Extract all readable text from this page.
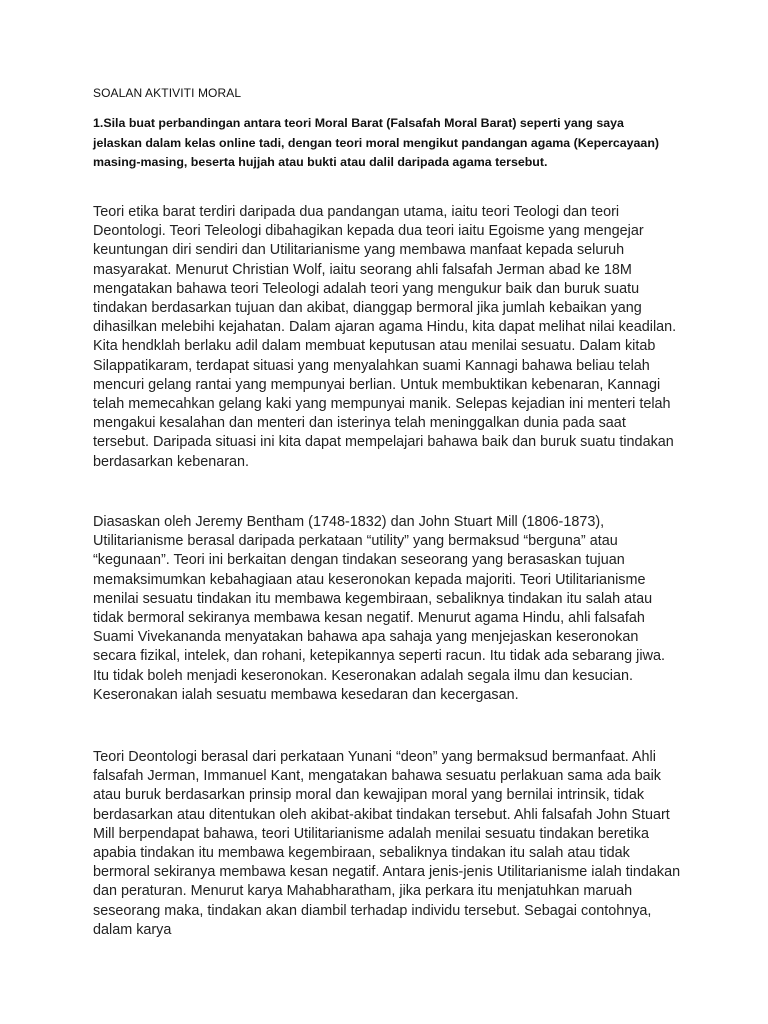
SOALAN AKTIVITI MORAL

1.Sila buat perbandingan antara teori Moral Barat (Falsafah Moral Barat) seperti yang saya jelaskan dalam kelas online tadi, dengan teori moral mengikut pandangan agama (Kepercayaan) masing-masing, beserta hujjah atau bukti atau dalil daripada agama tersebut.

Teori etika barat terdiri daripada dua pandangan utama, iaitu teori Teologi dan teori Deontologi. Teori Teleologi dibahagikan kepada dua teori iaitu Egoisme yang mengejar keuntungan diri sendiri dan Utilitarianisme yang membawa manfaat kepada seluruh masyarakat. Menurut Christian Wolf, iaitu seorang ahli falsafah Jerman abad ke 18M mengatakan bahawa teori Teleologi adalah teori yang mengukur baik dan buruk suatu tindakan berdasarkan tujuan dan akibat, dianggap bermoral jika jumlah kebaikan yang dihasilkan melebihi kejahatan. Dalam ajaran agama Hindu, kita dapat melihat nilai keadilan. Kita hendklah berlaku adil dalam membuat keputusan atau menilai sesuatu. Dalam kitab Silappatikaram, terdapat situasi yang menyalahkan suami Kannagi bahawa beliau telah mencuri gelang rantai yang mempunyai berlian. Untuk membuktikan kebenaran, Kannagi telah memecahkan gelang kaki yang mempunyai manik. Selepas kejadian ini menteri telah mengakui kesalahan dan menteri dan isterinya telah meninggalkan dunia pada saat tersebut. Daripada situasi ini kita dapat mempelajari bahawa baik dan buruk suatu tindakan berdasarkan kebenaran.

Diasaskan oleh Jeremy Bentham (1748-1832) dan John Stuart Mill (1806-1873), Utilitarianisme berasal daripada perkataan “utility” yang bermaksud “berguna” atau “kegunaan”. Teori ini berkaitan dengan tindakan seseorang yang berasaskan tujuan memaksimumkan kebahagiaan atau keseronokan kepada majoriti. Teori Utilitarianisme menilai sesuatu tindakan itu membawa kegembiraan, sebaliknya tindakan itu salah atau tidak bermoral sekiranya membawa kesan negatif. Menurut agama Hindu, ahli falsafah Suami Vivekananda menyatakan bahawa apa sahaja yang menjejaskan keseronokan secara fizikal, intelek, dan rohani, ketepikannya seperti racun. Itu tidak ada sebarang jiwa. Itu tidak boleh menjadi keseronokan. Keseronakan adalah segala ilmu dan kesucian. Keseronakan ialah sesuatu membawa kesedaran dan kecergasan.

Teori Deontologi berasal dari perkataan Yunani “deon” yang bermaksud bermanfaat. Ahli falsafah Jerman, Immanuel Kant, mengatakan bahawa sesuatu perlakuan sama ada baik atau buruk berdasarkan prinsip moral dan kewajipan moral yang bernilai intrinsik, tidak berdasarkan atau ditentukan oleh akibat-akibat tindakan tersebut. Ahli falsafah John Stuart Mill berpendapat bahawa, teori Utilitarianisme adalah menilai sesuatu tindakan beretika apabia tindakan itu membawa kegembiraan, sebaliknya tindakan itu salah atau tidak bermoral sekiranya membawa kesan negatif. Antara jenis-jenis Utilitarianisme ialah tindakan dan peraturan. Menurut karya Mahabharatham, jika perkara itu menjatuhkan maruah seseorang maka, tindakan akan diambil terhadap individu tersebut. Sebagai contohnya, dalam karya
